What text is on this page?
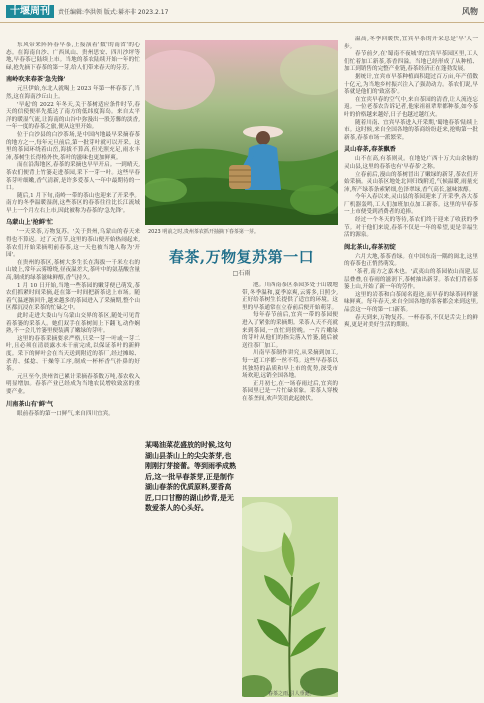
十堰周刊	责任编辑:李洪领 版式:綦亦非 2023.2.17	风物

东风带来阵阵春早茶,上接演着'数'的南省'的心态。在海南自沙、广西凤山、贵州思安、四川沙坪等地,早春茶已陆续上市。当地的茶农陆续开始一年的忙碌,抢先摘下春茶的第一芽,给人们带来春天的芬芳。

南岭吹来春茶'急先锋'

元旦伊始,东北人就喝上 2023 年第一杯春茶了,当然,这在海南沙丘山上。

'早起'的 2022 年冬天,关于茶树适应条件时节,春天的信使便率先抵达了南方的低纬度海岛。来自太平洋的暖湿气流,让海南的山谷中弥漫出一股芳馨的淡香,一年一度的春茶之旅,便从这里开始。

位于白沙县的白沙茶场,是中国内地最早采摘春茶的地方之一,每年元旦前后,第一批芽叶就可以开采。这里的茶园环绕着山峦,海拔不算高,但光照充足,雨水丰沛,茶树生长得格外快,茶叶的滋味也更加鲜爽。

而在沿海地区,春茶的采摘也早早开启。一到晴天,茶农们便背上竹篓走进茶园,采下一芽一叶。这些早春茶芽叶细嫩,香气清新,是许多爱茶人一年中最期待的一口。

随后,1 月下旬,南岭一带的茶山也迎来了开采季。南方的冬季温暖湿润,这些茶区的春茶往往比长江流域早上一个月左右上市,因此被称为春茶的'急先锋'。

乌蒙山上'抢鲜'忙

'一天采茶,万物复苏。'关于贵州,乌蒙山的春天来得也不算迟。过了元宵节,这里的茶山便开始热闹起来,茶农们开始采摘明前春茶,这一天也被当地人称为'开园'。

在贵州的茶区,茶树大多生长在海拔一千米左右的山坡上,常年云雾缭绕,昼夜温差大,茶叶中的氨基酸含量高,制成的绿茶滋味鲜醇,香气持久。

1 月 10 日开始,当地一些茶园的嫩芽便已萌发,茶农们抓紧时间采摘,赶在第一时间把新茶送上市场。随着气温逐渐回升,越来越多的茶园进入了采摘期,整个山区都沉浸在采茶的忙碌之中。

此时走进大娄山与乌蒙山交界的茶区,随处可见背着茶篓的采茶人。她们双手在茶树间上下翻飞,动作娴熟,不一会儿竹篓里便装满了嫩绿的芽叶。

这里的春茶采摘要求严格,只采一芽一叶或一芽二叶,且必须在清晨露水未干前完成,以保证茶叶的新鲜度。采下的鲜叶会在当天送到附近的茶厂,经过摊晾、杀青、揉捻、干燥等工序,制成一杯杯香气扑鼻的好茶。

元旦至今,贵州省已累计采摘春茶数万吨,茶农收入明显增加。春茶产业已经成为当地农民增收致富的重要产业。

川南茶山有'鲜'气

眼前春茶的第一口鲜气,来自四川宜宾。

2023 明前之时,贵州茶农抓开抽摘下春茶第一芽。
春茶,万物复苏第一口
□石雨

池。川西南茶区茶园多处于山坡地带,冬季温和,夏季凉爽,云雾多,日照少,正好给茶树生长提供了适宜的环境。这里的早茶通常在立春前后便开始萌芽。

每年春节前后,宜宾一带的茶园便进入了紧张的采摘期。采茶人天不亮就来到茶园,一直忙到傍晚。一片片嫩绿的芽叶从他们的指尖落入竹篓,随后被送往茶厂加工。

川南早茶制作讲究,从采摘到加工,每一道工序都一丝不苟。这些早春茶以其独特的品质和早上市的优势,深受市场欢迎,远销全国各地。

正月初七,在一场春雨过后,宜宾的茶园里已是一片忙碌景象。采茶人穿梭在茶垄间,欢声笑语此起彼伏。

某喝油菜花盛放的时候,这句湖山县茶山上的尖尖茶芽,也刚刚打芽接蕾。等到雨季成熟后,这一批早春茶芽,正是制作湖山春茶的优质原料,要香高匠,口口甘醇的湖山炒青,是无数爱茶人的心头好。
春茶之雨,引人垂涎。

温高,冬季回暖快,宜宾早茶的开采总是'早'人一步。

春节前夕,在'蜀南不夜城'的宜宾早茶园区里,工人们忙着加工新茶,茶香四溢。当地已经形成了从种植、加工到销售的完整产业链,春茶经济正在蓬勃发展。

据统计,宜宾市早茶种植面积超过百万亩,年产值数十亿元,为当地乡村振兴注入了强劲动力。茶农们说,早茶就是他们的'致富茶'。

在宜宾早春的空气中,来自茶园的清香,让人流连忘返。一位老茶农告诉记者,他家祖祖辈辈都种茶,如今茶叶的价格越来越好,日子也越过越红火。

随着川南、宜宾早茶进入开采期,'蜀地春茶'陆续上市。这时候,来自全国各地的茶商纷纷赶来,抢购第一批新茶,春茶市场一派繁荣。

灵山春茶,春茶飘香

山不在高,有茶则灵。在地处广西十万大山余脉的灵山县,这里的春茶也有'早春茶'之称。

立春前后,漫山的茶树冒出了嫩绿的新芽,茶农们开始采摘。灵山茶区地处北回归线附近,气候温暖,雨量充沛,所产绿茶条索紧细,色泽翠绿,香气高长,滋味浓醇。

今年入春以来,灵山县的茶园迎来了开采季,各大茶厂机器轰鸣,工人们加班加点加工新茶。这里的早春茶一上市便受到消费者的追捧。

经过一个冬天的等待,茶农们终于迎来了收获的季节。对于他们来说,春茶不仅是一年的希望,更是幸福生活的源泉。

闽北茶山,春茶初绽

六月大地,茶茶香绿。在中国东南一隅的闽北,这里的春茶也正悄然萌发。

'茶者,南方之嘉木也。'武夷山的茶园依山而建,层层叠叠,在春雨的滋润下,茶树抽出新芽。茶农们背着茶篓上山,开始了新一年的劳作。

这里的岩茶和白茶闻名遐迩,而早春的绿茶同样滋味鲜爽。每年春天,来自全国各地的茶客都会来到这里,品尝这一年的第一口新茶。

春天到来,万物复苏。一杯春茶,不仅是舌尖上的鲜爽,更是对美好生活的期盼。
